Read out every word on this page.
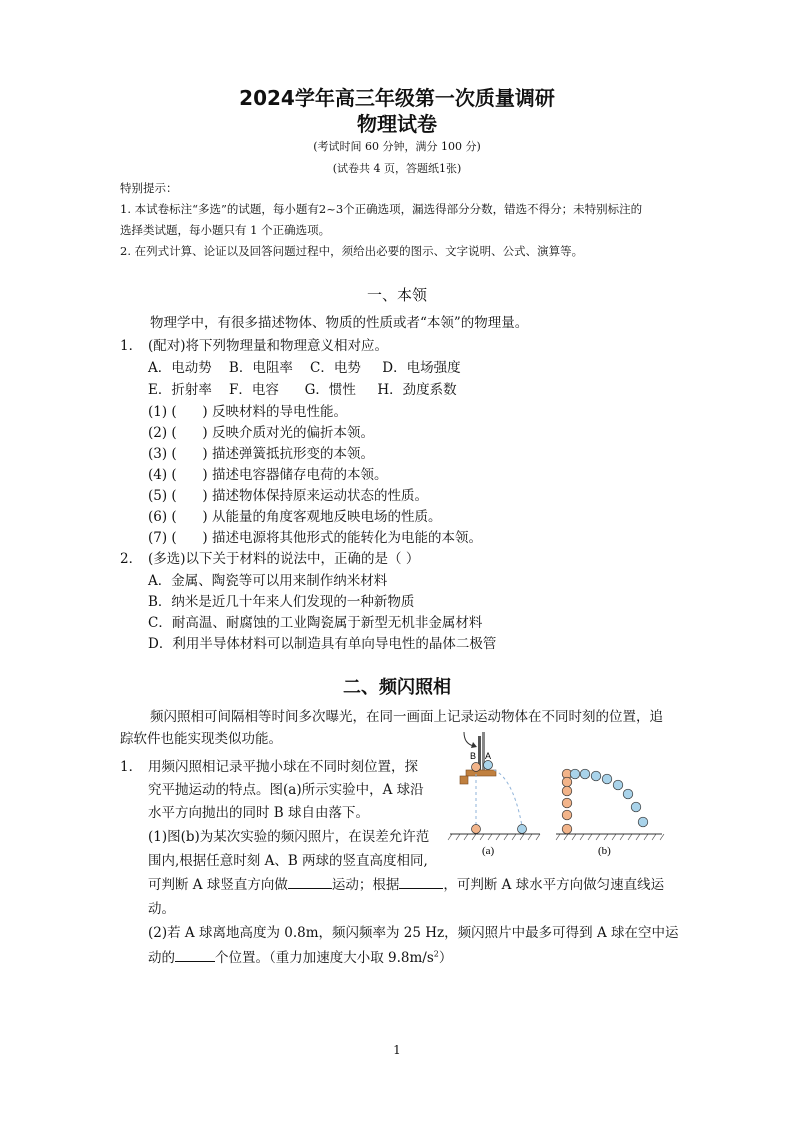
2024学年高三年级第一次质量调研
物理试卷
(考试时间 60 分钟，满分 100 分)
(试卷共 4 页，答题纸1张)
特别提示：
1. 本试卷标注“多选”的试题，每小题有2~3个正确选项，漏选得部分分数，错选不得分；未特别标注的
选择类试题，每小题只有 1 个正确选项。
2. 在列式计算、论证以及回答问题过程中，须给出必要的图示、文字说明、公式、演算等。
一、本领
物理学中，有很多描述物体、物质的性质或者“本领”的物理量。
1． (配对)将下列物理量和物理意义相对应。
A．电动势    B．电阻率    C．电势     D．电场强度
E．折射率    F．电容      G．惯性     H．劲度系数
(1) (      ) 反映材料的导电性能。
(2) (      ) 反映介质对光的偏折本领。
(3) (      ) 描述弹簧抵抗形变的本领。
(4) (      ) 描述电容器储存电荷的本领。
(5) (      ) 描述物体保持原来运动状态的性质。
(6) (      ) 从能量的角度客观地反映电场的性质。
(7) (      ) 描述电源将其他形式的能转化为电能的本领。
2． (多选)以下关于材料的说法中，正确的是（ ）
A．金属、陶瓷等可以用来制作纳米材料
B．纳米是近几十年来人们发现的一种新物质
C．耐高温、耐腐蚀的工业陶瓷属于新型无机非金属材料
D．利用半导体材料可以制造具有单向导电性的晶体二极管
二、频闪照相
频闪照相可间隔相等时间多次曝光，在同一画面上记录运动物体在不同时刻的位置，追
踪软件也能实现类似功能。
1． 用频闪照相记录平抛小球在不同时刻位置，探
究平抛运动的特点。图(a)所示实验中，A 球沿
水平方向抛出的同时 B 球自由落下。
(1)图(b)为某次实验的频闪照片，在误差允许范
围内,根据任意时刻 A、B 两球的竖直高度相同,
可判断 A 球竖直方向做	运动；根据	，可判断 A 球水平方向做匀速直线运
动。
(2)若 A 球离地高度为 0.8m，频闪频率为 25 Hz，频闪照片中最多可得到 A 球在空中运
动的	个位置。（重力加速度大小取 $9.8m/s^2$）
B A
(a)	(b)
1
